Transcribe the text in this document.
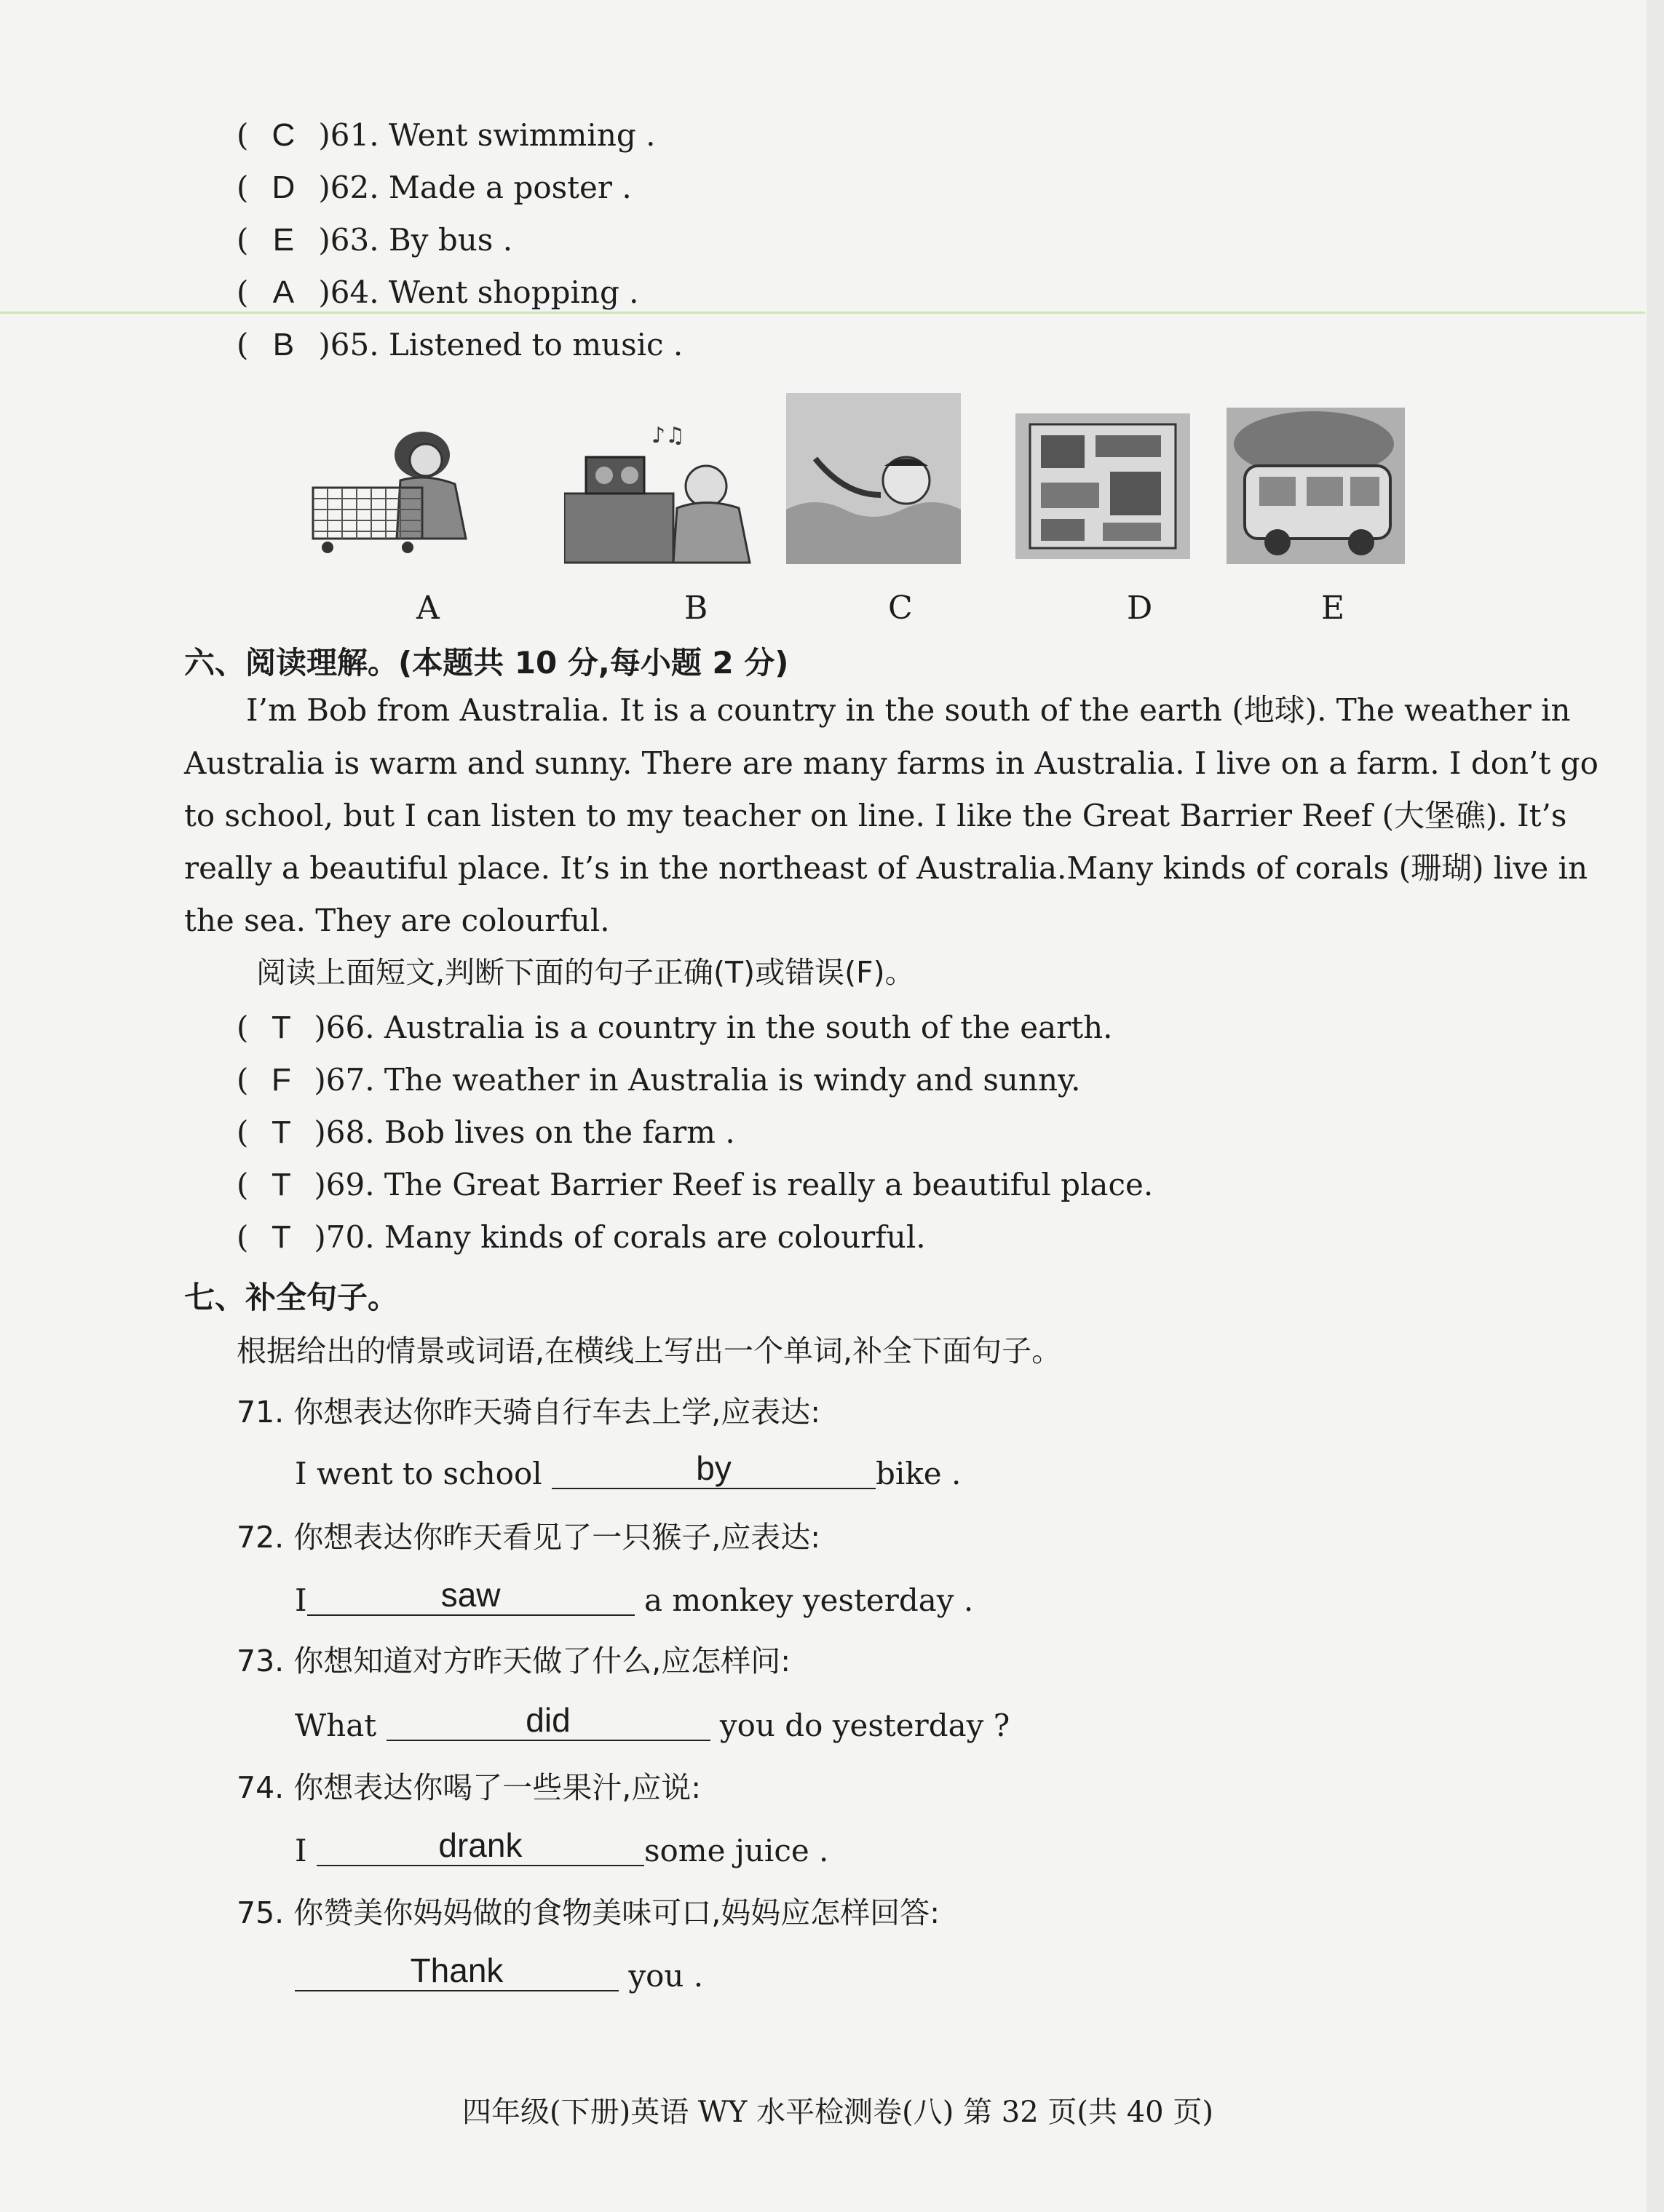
( C )61. Went swimming .
( D )62. Made a poster .
( E )63. By bus .
( A )64. Went shopping .
( B )65. Listened to music .
♪♫
A	B	C	D	E
六、阅读理解。(本题共 10 分,每小题 2 分)
I’m Bob from Australia. It is a country in the south of the earth (地球). The weather in
Australia is warm and sunny. There are many farms in Australia. I live on a farm. I don’t go
to school, but I can listen to my teacher on line. I like the Great Barrier Reef (大堡礁). It’s
really a beautiful place. It’s in the northeast of Australia.Many kinds of corals (珊瑚) live in
the sea. They are colourful.
阅读上面短文,判断下面的句子正确(T)或错误(F)。
( T )66. Australia is a country in the south of the earth.
( F )67. The weather in Australia is windy and sunny.
( T )68. Bob lives on the farm .
( T )69. The Great Barrier Reef is really a beautiful place.
( T )70. Many kinds of corals are colourful.
七、补全句子。
根据给出的情景或词语,在横线上写出一个单词,补全下面句子。
71. 你想表达你昨天骑自行车去上学,应表达:
I went to school	by	bike .
72. 你想表达你昨天看见了一只猴子,应表达:
I	saw	a monkey yesterday .
73. 你想知道对方昨天做了什么,应怎样问:
What	did	you do yesterday ?
74. 你想表达你喝了一些果汁,应说:
I	drank	some juice .
75. 你赞美你妈妈做的食物美味可口,妈妈应怎样回答:
Thank	you .
四年级(下册)英语 WY 水平检测卷(八) 第 32 页(共 40 页)
